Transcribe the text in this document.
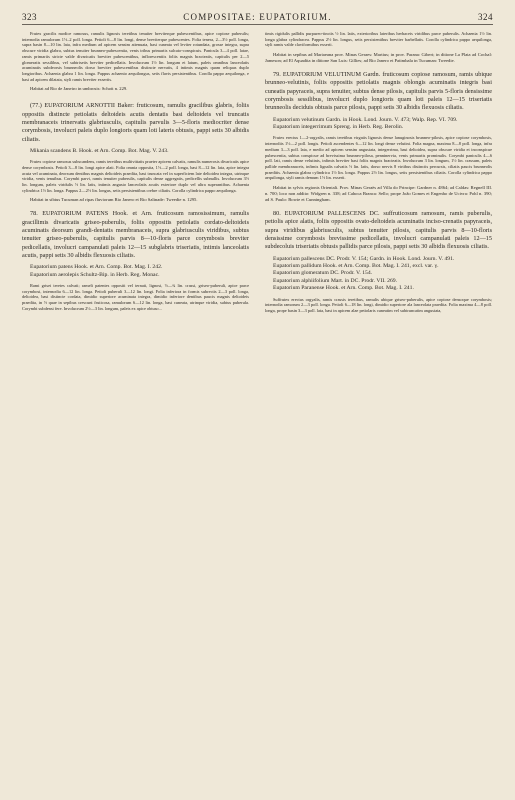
323	COMPOSITAE: EUPATORIUM.	324

Frutex gracilis modice ramosus, ramulis lignosis teretibus tenuiter breviterque pubescentibus, apice copiose puberulis; internodia ramulorum 1½–2 poll. longa. Petioli 6—8 lin. longi, dense breviterque pubescentes. Folia tenera, 2—3½ poll. longa, supra basin 8—10 lin. lata, infra medium ad apicem sensim attenuata, basi cuneata vel leviter rotundata, grosse integra, supra obscure viridia glabra, subtus tenuiter brunneo-pubescentia, venis tribus primariis sulcato-conspicuis. Panicula 3—4 poll. latae, ramis primariis stricte valde divaricatis breviter pubescentibus, inflorescentiis foliis magnis bracteatis, capitulis per 2—5 glomeratis sessilibus, vel subtrisetis breviter pedicellatis. Involucrum 1½ lin. longum et latum, paleis omnibus lanceolatis acuminatis subdeorsis brunneolis dorso breviter pubescentibus distincte nervatis, 4 intimis magnis quam reliquas duplo longioribus. Achaenia glabra 1 lin. longa. Pappus achaenio aequilongus, setis flavis persistentibus. Corolla pappo aequilonga, e basi ad apicem dilatata, styli ramis breviter exsertis.

Habitat ad Rio de Janeiro in umbrosis: Schott n. 229.

(77.) EUPATORIUM ARNOTTII Baker: fruticosum, ramulis gracilibus glabris, foliis oppositis distincte petiolatis deltoideis acutis dentatis basi deltoideis vel truncatis membranaceis trinervatis glabriusculis, capitulis parvulis 3—5-floris mediocriter dense corymbosis, involucri paleis duplo longioris quam loti lateris obtusis, pappi setis 30 albidis ciliatis.

Mikania scandens B. Hook. et Arn. Comp. Bot. Mag. V. 243.

Frutex copiose ramosus subscandens, ramis teretibus multivittatis praeter apicem calvatis, ramulis numerosis divaricatis apice dense corymbosis. Petioli 3—8 lin. longi apice alati. Folia omnia opposita, 1½—2 poll. longa, basi 8—12 lin. lata, apice integra acuta vel acuminata, deorsum dentibus magnis deltoideis praedita, basi truncata vel in superficiem late deltoidea integra, utrinque viridia, venis tenuibus. Corymbi parvi, ramis tenuiter puberulis, capitulis dense aggregatis, pedicellis subnullis. Involucrum 3½ lin. longum, paleis viridulis ½ lin. latis, intimis angusto lanceolatis acutis exteriore duplo vel ultra superantibus. Achaenia cylindrica 1½ lin. longa. Pappus 2—2½ lin. longus, setis persistentibus crebre ciliatis. Corolla cylindrica pappo aequilonga.

Habitat in sibtus Tucuman ad ripas fluviorum Rio Janero et Rio Salinade: Tweedie n. 1295.

78. EUPATORIUM PATENS Hook. et Arn. fruticosum ramosissimum, ramulis gracillimis divaricatis griseo-puberulis, foliis oppositis petiolatis cordato-deltoideis acuminatis deorsum grandi-dentatis membranaceis, supra glabriusculis viridibus, subtus tenuiter griseo-puberulis, capitulis parvis 8—10-floris parce corymbosis breviter pedicellatis, involucri campanulati paleis 12—15 subglabris triseriatis, intimis lanceolatis acutis, pappi setis 30 albidis flexuosis ciliatis.

Eupatorium patens Hook. et Arn. Comp. Bot. Mag. I. 242.

Eupatorium aerolepis Schultz-Bip. in Herb. Reg. Monac.

Rami grisei teretes calvati; rameli patentes oppositi vel ternati, lignosi, ½—¾ lin. crassi, griseo-puberuli, apice parce corymbosi, internodia 6—12 lin. longa. Petioli puberuli 3—12 lin. longi. Folia inferiora in formis subrectis 2—3 poll. longa, deltoidea, basi distincte cordata, dimidio superiore acuminata integra, dimidio inferiore dentibus paucis magnis deltoideis praedita, in ½ quae in sepibus crescunt fruticosa, ramulorum 6—12 lin. longa, basi cuneata, utrinque viridia, subtus puberula. Corymbi subdensi fere. Involucrum 2½—3 lin. longum, paleis ex apice obtuso...

timis rigidulis pallidis purpureo-tinctis ½ lin. latis, exterioribus lateribus herbaceis viridibus parce puberulis. Achaenia 1½ lin. longa glabra cylindracea. Pappus 2½ lin. longus, setis persistentibus breviter barbellatis. Corolla cylindrica pappo aequilonga, styli ramis valde claviformibus exserti.

Habitat in sepibus ad Mariaeana prov. Minas Geraes: Martius; in prov. Parana: Gibert; in ditione La Plata ad Cochal: Jameson; ad El Aquadita in ditione San Luis: Gillies; ad Rio Janero et Patimbala in Tucuman: Tweedie.

79. EUPATORIUM VELUTINUM Gardn. fruticosum copiose ramosum, ramis ubique brunneo-velutinis, foliis oppositis petiolatis magnis oblongis acuminatis integris basi cuneatis papyraceis, supra tenuiter, subtus dense pilosis, capitulis parvis 5-floris densissime corymbosis sessilibus, involucri duplo longioris quam loti paleis 12—15 triseriatis brunneolis deciduis obtusis parce pilosis, pappi setis 30 albidis flexuosis ciliatis.

Eupatorium velutinum Gardn. in Hook. Lond. Journ. V. 473; Walp. Rep. VI. 709.

Eupatorium integerrimum Spreng. in Herb. Reg. Berolin.

Frutex erectus 1—2-orgyalis, ramis teretibus virgatis lignosis dense lanuginosis brunneo-pilosis, apice copiose corymbosis, internodiis 1½—2 poll. longis. Petioli ascendentes 6—12 lin. longi dense velutini. Folia magna, maxima 8—8 poll. longa, infra medium 3—3 poll. lata, e medio ad apicem sensim angustata, integerrima, basi deltoidea, supra obscure viridia et inconspicue pubescentia, subtus conspicue ad brevissima brunneo-pilosa, penninervia, venis primariis prominulis. Corymbi paniculis 4—6 poll. lati, ramis dense velutinis, infimis breviter basi foliis magnis bracteatis. Involucrum 3 lin. longum, 1½ lin. crassum, paleis pallide membranaceis, infimis lignalis calvatis ½ lin. latis, dorso nervis 8 virtibus distinctis percursis, ciliatis paucis brunneolis praeditis. Achaenia glabra cylindrica 1½ lin. longa. Pappus 2½ lin. longus, setis persistentibus ciliatis. Corolla cylindrica pappo aequilonga, styli ramis demum 1½ lin. exserti.

Habitat in sylvis regionis Orientali. Prov. Minas Geraës ad Villa do Principe: Gardner n. 4864; ad Caldas: Regnell III. n. 700; loco non addito: Widgren n. 338; ad Cahoca Branca: Sello; prope João Gomes et Engenho de Ucivra: Pohl n. 390; ad S. Paulo: Bowie et Cunningham.

80. EUPATORIUM PALLESCENS DC. suffruticosum ramosum, ramis puberulis, petiolis apice alatis, foliis oppositis ovato-deltoideis acuminatis inciso-crenatis papyraceis, supra viridibus glabriusculis, subtus tenuiter pilosis, capitulis parvis 8—10-floris densissime corymbosis brevissime pedicellatis, involucri campanulati paleis 12—15 subdecoluis triseriatis obtusis pallidis parce pilosis, pappi setis 30 albidis flexuosis ciliatis.

Eupatorium pallescens DC. Prodr. V. 154; Gardn. in Hook. Lond. Journ. V. 491.

Eupatorium pallidum Hook. et Arn. Comp. Bot. Mag. I. 241, excl. var. γ.

Eupatorium glomeratum DC. Prodr. V. 154.

Eupatorium alphiifolium Mart. in DC. Prodr. VII. 269.

Eupatorium Paranense Hook. et Arn. Comp. Bot. Mag. I. 241.

Suffrutex erectus orgyalis, ramis crassis teretibus, ramulis ubique griseo-puberulis, apice copiose densoque corymbosis; internodia ramorum 2—3 poll. longa. Petioli 6—18 lin. longi, dimidio superiore ala lanceolata praedita. Folia maxima 4—8 poll. longa, prope basin 3—3 poll. lata, basi in apicem alae petiolaris cuneatim vel subtruncatim angustata,
